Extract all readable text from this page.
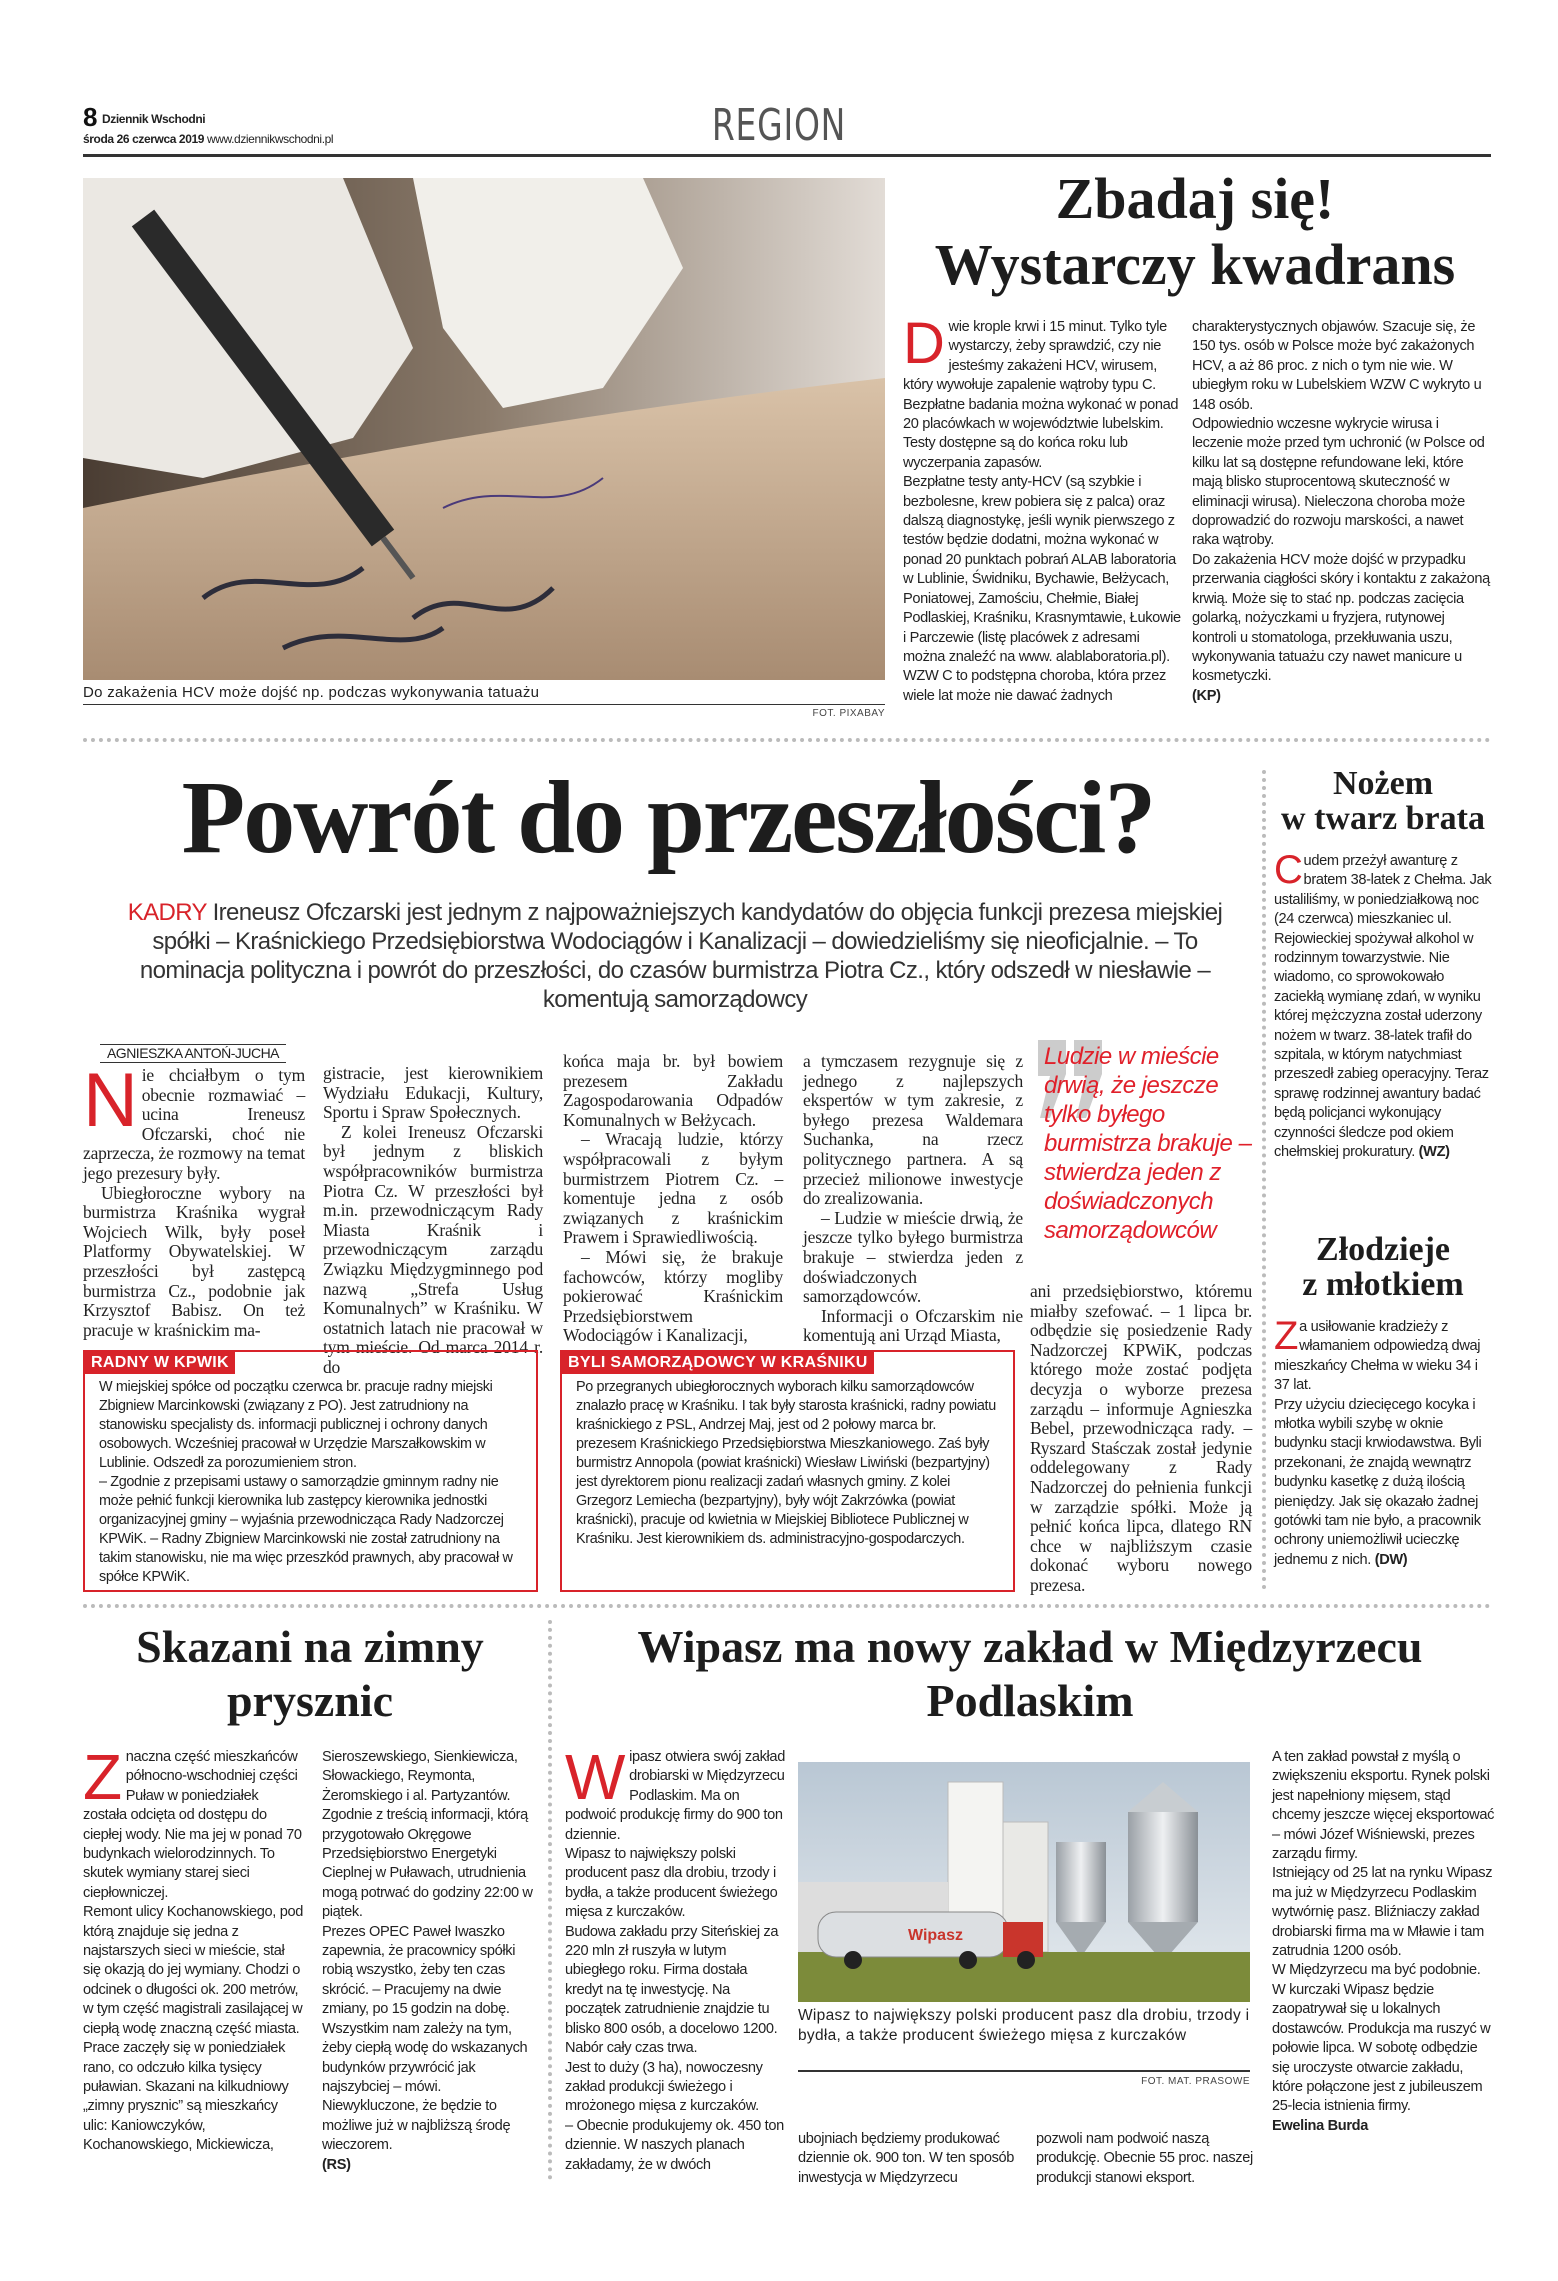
8 Dziennik Wschodni
środa 26 czerwca 2019 www.dziennikwschodni.pl	REGION
Do zakażenia HCV może dojść np. podczas wykonywania tatuażu
FOT. PIXABAY
Zbadaj się!
Wystarczy kwadrans

Dwie krople krwi i 15 minut. Tylko tyle wystarczy, żeby sprawdzić, czy nie jesteśmy zakażeni HCV, wirusem, który wywołuje zapalenie wątroby typu C.

Bezpłatne badania można wykonać w ponad 20 placówkach w województwie lubelskim. Testy dostępne są do końca roku lub wyczerpania zapasów.

Bezpłatne testy anty-HCV (są szybkie i bezbolesne, krew pobiera się z palca) oraz dalszą diagnostykę, jeśli wynik pierwszego z testów będzie dodatni, można wykonać w ponad 20 punktach pobrań ALAB laboratoria w Lublinie, Świdniku, Bychawie, Bełżycach, Poniatowej, Zamościu, Chełmie, Białej Podlaskiej, Kraśniku, Krasnymtawie, Łukowie i Parczewie (listę placówek z adresami można znaleźć na www. alablaboratoria.pl).

WZW C to podstępna choroba, która przez wiele lat może nie dawać żadnych

charakterystycznych objawów. Szacuje się, że 150 tys. osób w Polsce może być zakażonych HCV, a aż 86 proc. z nich o tym nie wie. W ubiegłym roku w Lubelskiem WZW C wykryto u 148 osób.

Odpowiednio wczesne wykrycie wirusa i leczenie może przed tym uchronić (w Polsce od kilku lat są dostępne refundowane leki, które mają blisko stuprocentową skuteczność w eliminacji wirusa). Nieleczona choroba może doprowadzić do rozwoju marskości, a nawet raka wątroby.

Do zakażenia HCV może dojść w przypadku przerwania ciągłości skóry i kontaktu z zakażoną krwią. Może się to stać np. podczas zacięcia golarką, nożyczkami u fryzjera, rutynowej kontroli u stomatologa, przekłuwania uszu, wykonywania tatuażu czy nawet manicure u kosmetyczki.

(KP)
Powrót do przeszłości?
KADRY Ireneusz Ofczarski jest jednym z najpoważniejszych kandydatów do objęcia funkcji prezesa miejskiej spółki – Kraśnickiego Przedsiębiorstwa Wodociągów i Kanalizacji – dowiedzieliśmy się nieoficjalnie. – To nominacja polityczna i powrót do przeszłości, do czasów burmistrza Piotra Cz., który odszedł w niesławie – komentują samorządowcy
AGNIESZKA ANTOŃ-JUCHA

Nie chciałbym o tym obecnie rozmawiać – ucina Ireneusz Ofczarski, choć nie zaprzecza, że rozmowy na temat jego prezesury były.

Ubiegłoroczne wybory na burmistrza Kraśnika wygrał Wojciech Wilk, były poseł Platformy Obywatelskiej. W przeszłości był zastępcą burmistrza Cz., podobnie jak Krzysztof Babisz. On też pracuje w kraśnickim ma-

gistracie, jest kierownikiem Wydziału Edukacji, Kultury, Sportu i Spraw Społecznych.

Z kolei Ireneusz Ofczarski był jednym z bliskich współpracowników burmistrza Piotra Cz. W przeszłości był m.in. przewodniczącym Rady Miasta Kraśnik i przewodniczącym zarządu Związku Międzygminnego pod nazwą „Strefa Usług Komunalnych” w Kraśniku. W ostatnich latach nie pracował w tym mieście. Od marca 2014 r. do

końca maja br. był bowiem prezesem Zakładu Zagospodarowania Odpadów Komunalnych w Bełżycach.

– Wracają ludzie, którzy współpracowali z byłym burmistrzem Piotrem Cz. – komentuje jedna z osób związanych z kraśnickim Prawem i Sprawiedliwością.

– Mówi się, że brakuje fachowców, którzy mogliby pokierować Kraśnickim Przedsiębiorstwem Wodociągów i Kanalizacji,

a tymczasem rezygnuje się z jednego z najlepszych ekspertów w tym zakresie, z byłego prezesa Waldemara Suchanka, na rzecz politycznego partnera. A są przecież milionowe inwestycje do zrealizowania.

– Ludzie w mieście drwią, że jeszcze tylko byłego burmistrza brakuje – stwierdza jeden z doświadczonych samorządowców.

Informacji o Ofczarskim nie komentują ani Urząd Miasta,

Ludzie w mieście drwią, że jeszcze tylko byłego burmistrza brakuje – stwierdza jeden z doświadczonych samorządowców

ani przedsiębiorstwo, któremu miałby szefować. – 1 lipca br. odbędzie się posiedzenie Rady Nadzorczej KPWiK, podczas którego może zostać podjęta decyzja o wyborze prezesa zarządu – informuje Agnieszka Bebel, przewodnicząca rady. – Ryszard Staśczak został jedynie oddelegowany z Rady Nadzorczej do pełnienia funkcji w zarządzie spółki. Może ją pełnić końca lipca, dlatego RN chce w najbliższym czasie dokonać wyboru nowego prezesa.

RADNY W KPWIK

W miejskiej spółce od początku czerwca br. pracuje radny miejski Zbigniew Marcinkowski (związany z PO). Jest zatrudniony na stanowisku specjalisty ds. informacji publicznej i ochrony danych osobowych. Wcześniej pracował w Urzędzie Marszałkowskim w Lublinie. Odszedł za porozumieniem stron.

– Zgodnie z przepisami ustawy o samorządzie gminnym radny nie może pełnić funkcji kierownika lub zastępcy kierownika jednostki organizacyjnej gminy – wyjaśnia przewodnicząca Rady Nadzorczej KPWiK. – Radny Zbigniew Marcinkowski nie został zatrudniony na takim stanowisku, nie ma więc przeszkód prawnych, aby pracował w spółce KPWiK.

BYLI SAMORZĄDOWCY W KRAŚNIKU

Po przegranych ubiegłorocznych wyborach kilku samorządowców znalazło pracę w Kraśniku. I tak były starosta kraśnicki, radny powiatu kraśnickiego z PSL, Andrzej Maj, jest od 2 połowy marca br. prezesem Kraśnickiego Przedsiębiorstwa Mieszkaniowego. Zaś były burmistrz Annopola (powiat kraśnicki) Wiesław Liwiński (bezpartyjny) jest dyrektorem pionu realizacji zadań własnych gminy. Z kolei Grzegorz Lemiecha (bezpartyjny), były wójt Zakrzówka (powiat kraśnicki), pracuje od kwietnia w Miejskiej Bibliotece Publicznej w Kraśniku. Jest kierownikiem ds. administracyjno-gospodarczych.

Nożem
w twarz brata

Cudem przeżył awanturę z bratem 38-latek z Chełma. Jak ustaliliśmy, w poniedziałkową noc (24 czerwca) mieszkaniec ul. Rejowieckiej spożywał alkohol w rodzinnym towarzystwie. Nie wiadomo, co sprowokowało zaciekłą wymianę zdań, w wyniku której mężczyzna został uderzony nożem w twarz. 38-latek trafił do szpitala, w którym natychmiast przeszedł zabieg operacyjny. Teraz sprawę rodzinnej awantury badać będą policjanci wykonujący czynności śledcze pod okiem chełmskiej prokuratury. (WZ)

Złodzieje
z młotkiem

Za usiłowanie kradzieży z włamaniem odpowiedzą dwaj mieszkańcy Chełma w wieku 34 i 37 lat.

Przy użyciu dziecięcego kocyka i młotka wybili szybę w oknie budynku stacji krwiodawstwa. Byli przekonani, że znajdą wewnątrz budynku kasetkę z dużą ilością pieniędzy. Jak się okazało żadnej gotówki tam nie było, a pracownik ochrony uniemożliwił ucieczkę jednemu z nich. (DW)

Skazani na zimny prysznic

Znaczna część mieszkańców północno-wschodniej części Puław w poniedziałek została odcięta od dostępu do ciepłej wody. Nie ma jej w ponad 70 budynkach wielorodzinnych. To skutek wymiany starej sieci ciepłowniczej.

Remont ulicy Kochanowskiego, pod którą znajduje się jedna z najstarszych sieci w mieście, stał się okazją do jej wymiany. Chodzi o odcinek o długości ok. 200 metrów, w tym część magistrali zasilającej w ciepłą wodę znaczną część miasta.

Prace zaczęły się w poniedziałek rano, co odczuło kilka tysięcy puławian. Skazani na kilkudniowy „zimny prysznic” są mieszkańcy ulic: Kaniowczyków, Kochanowskiego, Mickiewicza,

Sieroszewskiego, Sienkiewicza, Słowackiego, Reymonta, Żeromskiego i al. Partyzantów.

Zgodnie z treścią informacji, którą przygotowało Okręgowe Przedsiębiorstwo Energetyki Cieplnej w Puławach, utrudnienia mogą potrwać do godziny 22:00 w piątek.

Prezes OPEC Paweł Iwaszko zapewnia, że pracownicy spółki robią wszystko, żeby ten czas skrócić. – Pracujemy na dwie zmiany, po 15 godzin na dobę. Wszystkim nam zależy na tym, żeby ciepłą wodę do wskazanych budynków przywrócić jak najszybciej – mówi.

Niewykluczone, że będzie to możliwe już w najbliższą środę wieczorem.

(RS)
Wipasz ma nowy zakład w Międzyrzecu Podlaskim

Wipasz otwiera swój zakład drobiarski w Międzyrzecu Podlaskim. Ma on podwoić produkcję firmy do 900 ton dziennie.

Wipasz to największy polski producent pasz dla drobiu, trzody i bydła, a także producent świeżego mięsa z kurczaków.

Budowa zakładu przy Siteńskiej za 220 mln zł ruszyła w lutym ubiegłego roku. Firma dostała kredyt na tę inwestycję. Na początek zatrudnienie znajdzie tu blisko 800 osób, a docelowo 1200. Nabór cały czas trwa.

Jest to duży (3 ha), nowoczesny zakład produkcji świeżego i mrożonego mięsa z kurczaków.

– Obecnie produkujemy ok. 450 ton dziennie. W naszych planach zakładamy, że w dwóch

Wipasz
Wipasz to największy polski producent pasz dla drobiu, trzody i bydła, a także producent świeżego mięsa z kurczaków
FOT. MAT. PRASOWE

ubojniach będziemy produkować dziennie ok. 900 ton. W ten sposób inwestycja w Międzyrzecu

pozwoli nam podwoić naszą produkcję. Obecnie 55 proc. naszej produkcji stanowi eksport.

A ten zakład powstał z myślą o zwiększeniu eksportu. Rynek polski jest napełniony mięsem, stąd chcemy jeszcze więcej eksportować – mówi Józef Wiśniewski, prezes zarządu firmy.

Istniejący od 25 lat na rynku Wipasz ma już w Międzyrzecu Podlaskim wytwórnię pasz. Bliźniaczy zakład drobiarski firma ma w Mławie i tam zatrudnia 1200 osób.

W Międzyrzecu ma być podobnie.

W kurczaki Wipasz będzie zaopatrywał się u lokalnych dostawców. Produkcja ma ruszyć w połowie lipca. W sobotę odbędzie się uroczyste otwarcie zakładu, które połączone jest z jubileuszem 25-lecia istnienia firmy.

Ewelina Burda
